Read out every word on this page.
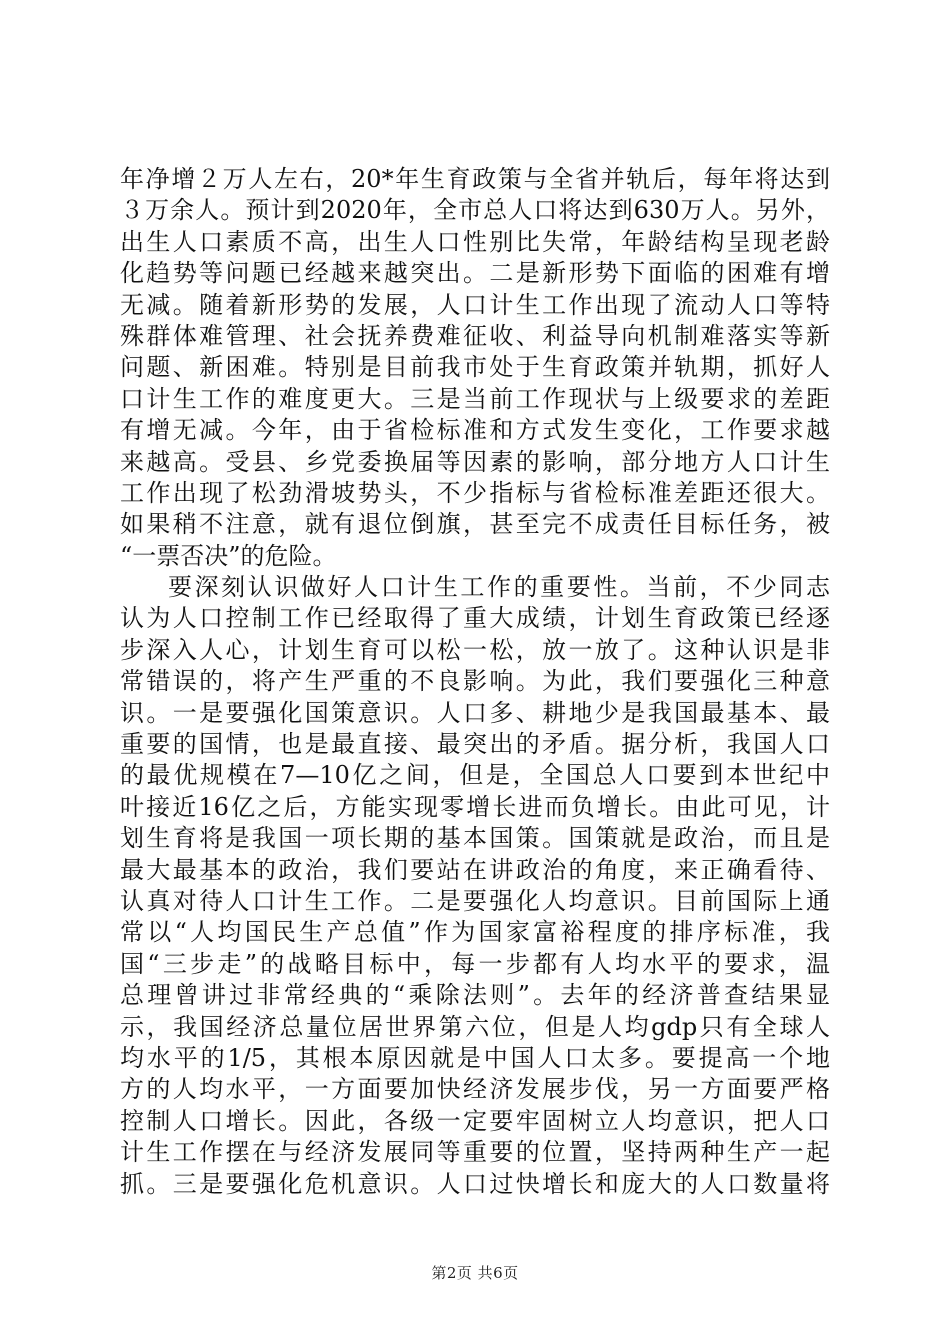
年净增２万人左右，20*年生育政策与全省并轨后，每年将达到
３万余人。预计到2020年，全市总人口将达到630万人。另外，
出生人口素质不高，出生人口性别比失常，年龄结构呈现老龄
化趋势等问题已经越来越突出。二是新形势下面临的困难有增
无减。随着新形势的发展，人口计生工作出现了流动人口等特
殊群体难管理、社会抚养费难征收、利益导向机制难落实等新
问题、新困难。特别是目前我市处于生育政策并轨期，抓好人
口计生工作的难度更大。三是当前工作现状与上级要求的差距
有增无减。今年，由于省检标准和方式发生变化，工作要求越
来越高。受县、乡党委换届等因素的影响，部分地方人口计生
工作出现了松劲滑坡势头，不少指标与省检标准差距还很大。
如果稍不注意，就有退位倒旗，甚至完不成责任目标任务，被
“一票否决”的危险。
要深刻认识做好人口计生工作的重要性。当前，不少同志
认为人口控制工作已经取得了重大成绩，计划生育政策已经逐
步深入人心，计划生育可以松一松，放一放了。这种认识是非
常错误的，将产生严重的不良影响。为此，我们要强化三种意
识。一是要强化国策意识。人口多、耕地少是我国最基本、最
重要的国情，也是最直接、最突出的矛盾。据分析，我国人口
的最优规模在7—10亿之间，但是，全国总人口要到本世纪中
叶接近16亿之后，方能实现零增长进而负增长。由此可见，计
划生育将是我国一项长期的基本国策。国策就是政治，而且是
最大最基本的政治，我们要站在讲政治的角度，来正确看待、
认真对待人口计生工作。二是要强化人均意识。目前国际上通
常以“人均国民生产总值”作为国家富裕程度的排序标准，我
国“三步走”的战略目标中，每一步都有人均水平的要求，温
总理曾讲过非常经典的“乘除法则”。去年的经济普查结果显
示，我国经济总量位居世界第六位，但是人均gdp只有全球人
均水平的1/5，其根本原因就是中国人口太多。要提高一个地
方的人均水平，一方面要加快经济发展步伐，另一方面要严格
控制人口增长。因此，各级一定要牢固树立人均意识，把人口
计生工作摆在与经济发展同等重要的位置，坚持两种生产一起
抓。三是要强化危机意识。人口过快增长和庞大的人口数量将
第2页 共6页
